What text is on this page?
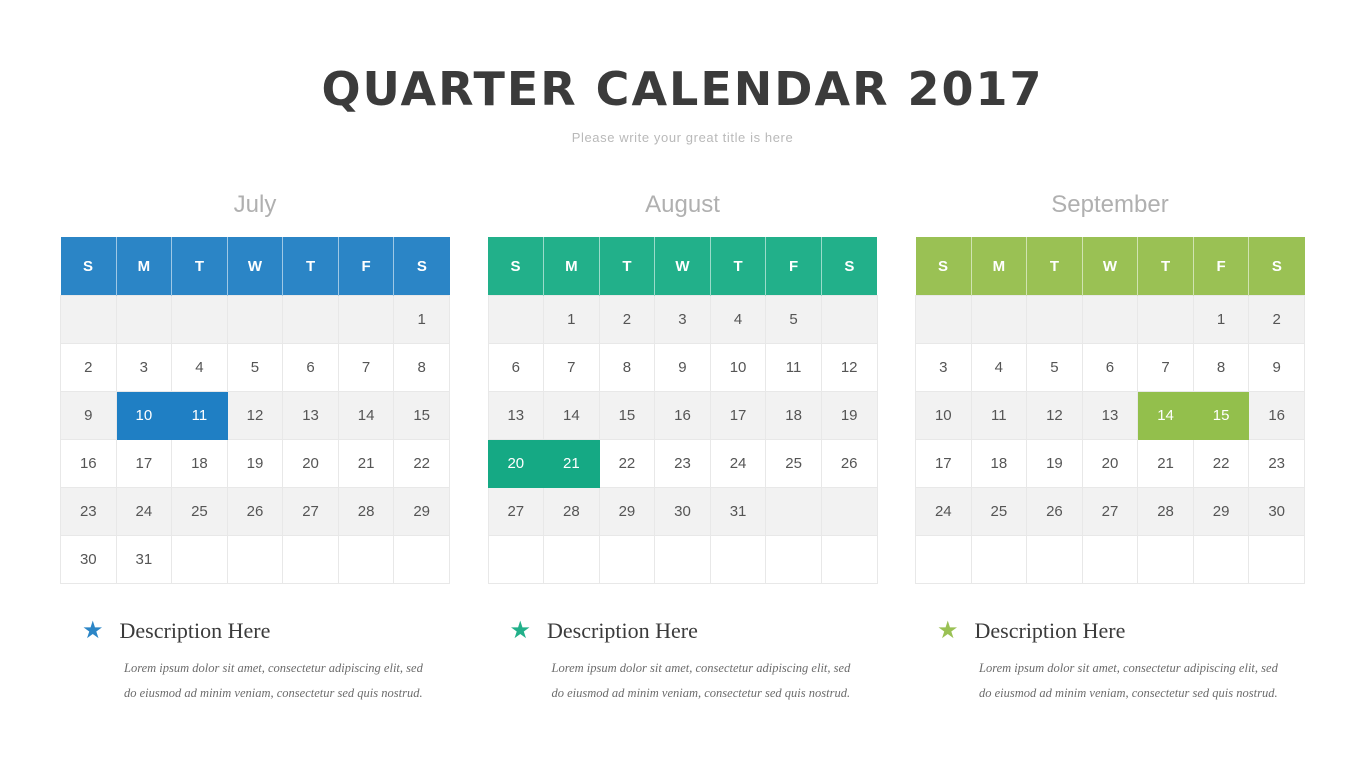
QUARTER CALENDAR 2017
Please write your great title is here
July
S	M	T	W	T	F	S
						1
2	3	4	5	6	7	8
9	10	11	12	13	14	15
16	17	18	19	20	21	22
23	24	25	26	27	28	29
30	31					
★ Description Here
Lorem ipsum dolor sit amet, consectetur adipiscing elit, sed do eiusmod ad minim veniam, consectetur sed quis nostrud.
August
S	M	T	W	T	F	S
	1	2	3	4	5	
6	7	8	9	10	11	12
13	14	15	16	17	18	19
20	21	22	23	24	25	26
27	28	29	30	31		

★ Description Here
Lorem ipsum dolor sit amet, consectetur adipiscing elit, sed do eiusmod ad minim veniam, consectetur sed quis nostrud.
September
S	M	T	W	T	F	S
					1	2
3	4	5	6	7	8	9
10	11	12	13	14	15	16
17	18	19	20	21	22	23
24	25	26	27	28	29	30

★ Description Here
Lorem ipsum dolor sit amet, consectetur adipiscing elit, sed do eiusmod ad minim veniam, consectetur sed quis nostrud.
